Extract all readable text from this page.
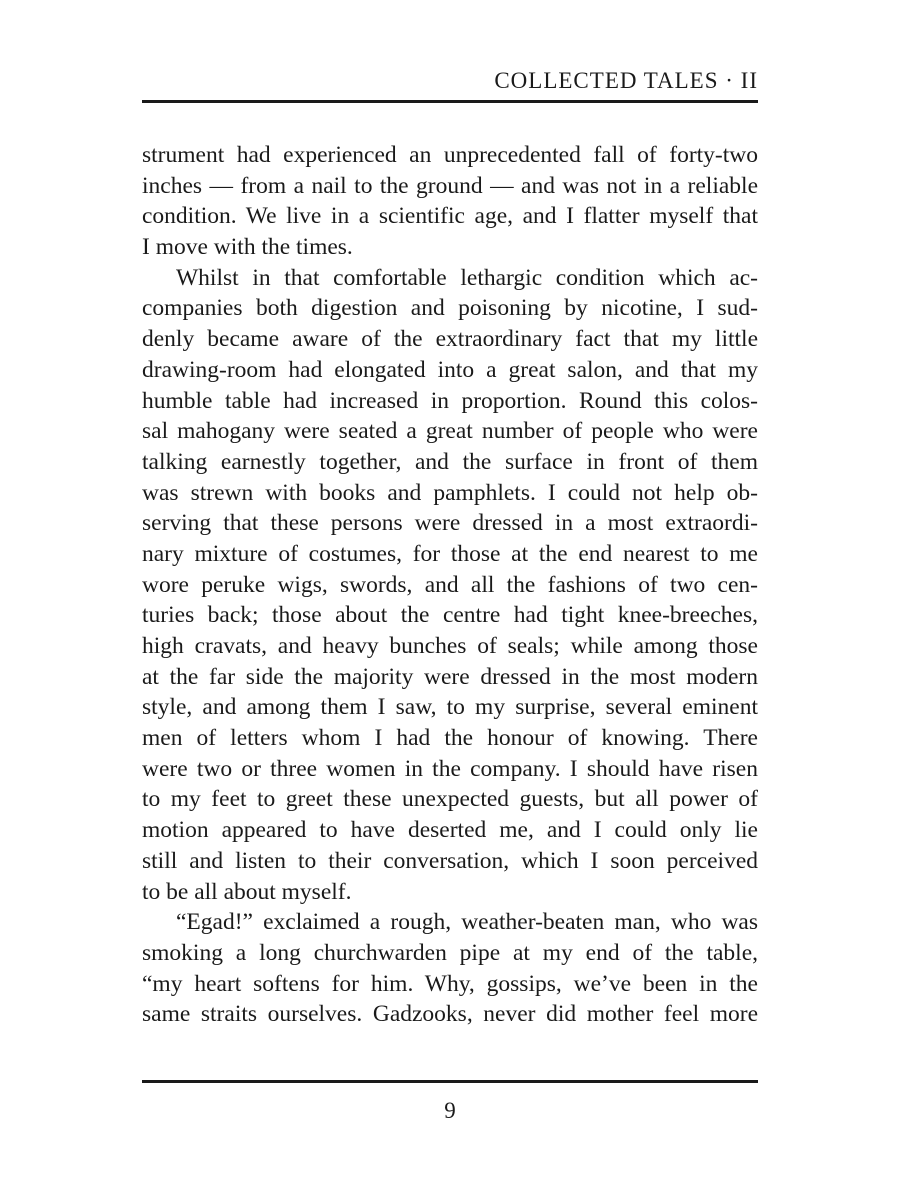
COLLECTED TALES · II
strument had experienced an unprecedented fall of forty-two
inches — from a nail to the ground — and was not in a reliable
condition. We live in a scientific age, and I flatter myself that
I move with the times.
Whilst in that comfortable lethargic condition which ac-
companies both digestion and poisoning by nicotine, I sud-
denly became aware of the extraordinary fact that my little
drawing-room had elongated into a great salon, and that my
humble table had increased in proportion. Round this colos-
sal mahogany were seated a great number of people who were
talking earnestly together, and the surface in front of them
was strewn with books and pamphlets. I could not help ob-
serving that these persons were dressed in a most extraordi-
nary mixture of costumes, for those at the end nearest to me
wore peruke wigs, swords, and all the fashions of two cen-
turies back; those about the centre had tight knee-breeches,
high cravats, and heavy bunches of seals; while among those
at the far side the majority were dressed in the most modern
style, and among them I saw, to my surprise, several eminent
men of letters whom I had the honour of knowing. There
were two or three women in the company. I should have risen
to my feet to greet these unexpected guests, but all power of
motion appeared to have deserted me, and I could only lie
still and listen to their conversation, which I soon perceived
to be all about myself.
“Egad!” exclaimed a rough, weather-beaten man, who was
smoking a long churchwarden pipe at my end of the table,
“my heart softens for him. Why, gossips, we’ve been in the
same straits ourselves. Gadzooks, never did mother feel more
9
